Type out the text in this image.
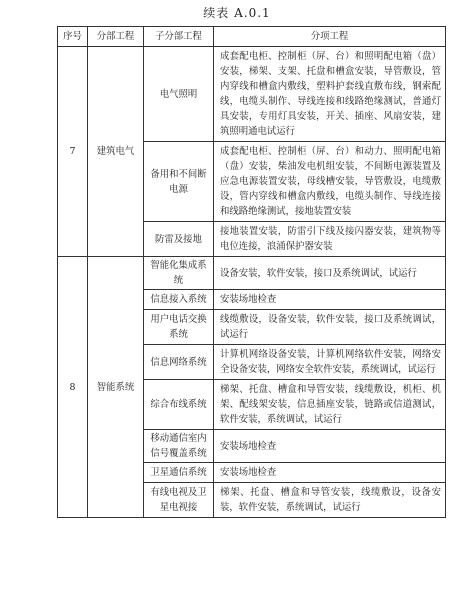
续表 A.0.1
序号	分部工程	子分部工程	分项工程
7	建筑电气	电气照明	成套配电柜、控制柜（屏、台）和照明配电箱（盘）安装，梯架、支架、托盘和槽盒安装，导管敷设，管内穿线和槽盒内敷线，塑料护套线直敷布线，钢索配线，电缆头制作、导线连接和线路绝缘测试，普通灯具安装，专用灯具安装，开关、插座、风扇安装，建筑照明通电试运行
		备用和不间断电源	成套配电柜、控制柜（屏、台）和动力、照明配电箱（盘）安装，柴油发电机组安装，不间断电源装置及应急电源装置安装，母线槽安装，导管敷设，电缆敷设，管内穿线和槽盒内敷线，电缆头制作、导线连接和线路绝缘测试，接地装置安装
		防雷及接地	接地装置安装，防雷引下线及接闪器安装，建筑物等电位连接，浪涌保护器安装
8	智能系统	智能化集成系统	设备安装，软件安装，接口及系统调试，试运行
		信息接入系统	安装场地检查
		用户电话交换系统	线缆敷设，设备安装，软件安装，接口及系统调试，试运行
		信息网络系统	计算机网络设备安装，计算机网络软件安装，网络安全设备安装，网络安全软件安装，系统调试，试运行
		综合布线系统	梯架、托盘、槽盒和导管安装，线缆敷设，机柜、机架、配线架安装，信息插座安装，链路或信道测试，软件安装，系统调试，试运行
		移动通信室内信号覆盖系统	安装场地检查
		卫星通信系统	安装场地检查
		有线电视及卫星电视接	梯架、托盘、槽盒和导管安装，线缆敷设，设备安装，软件安装，系统调试，试运行
